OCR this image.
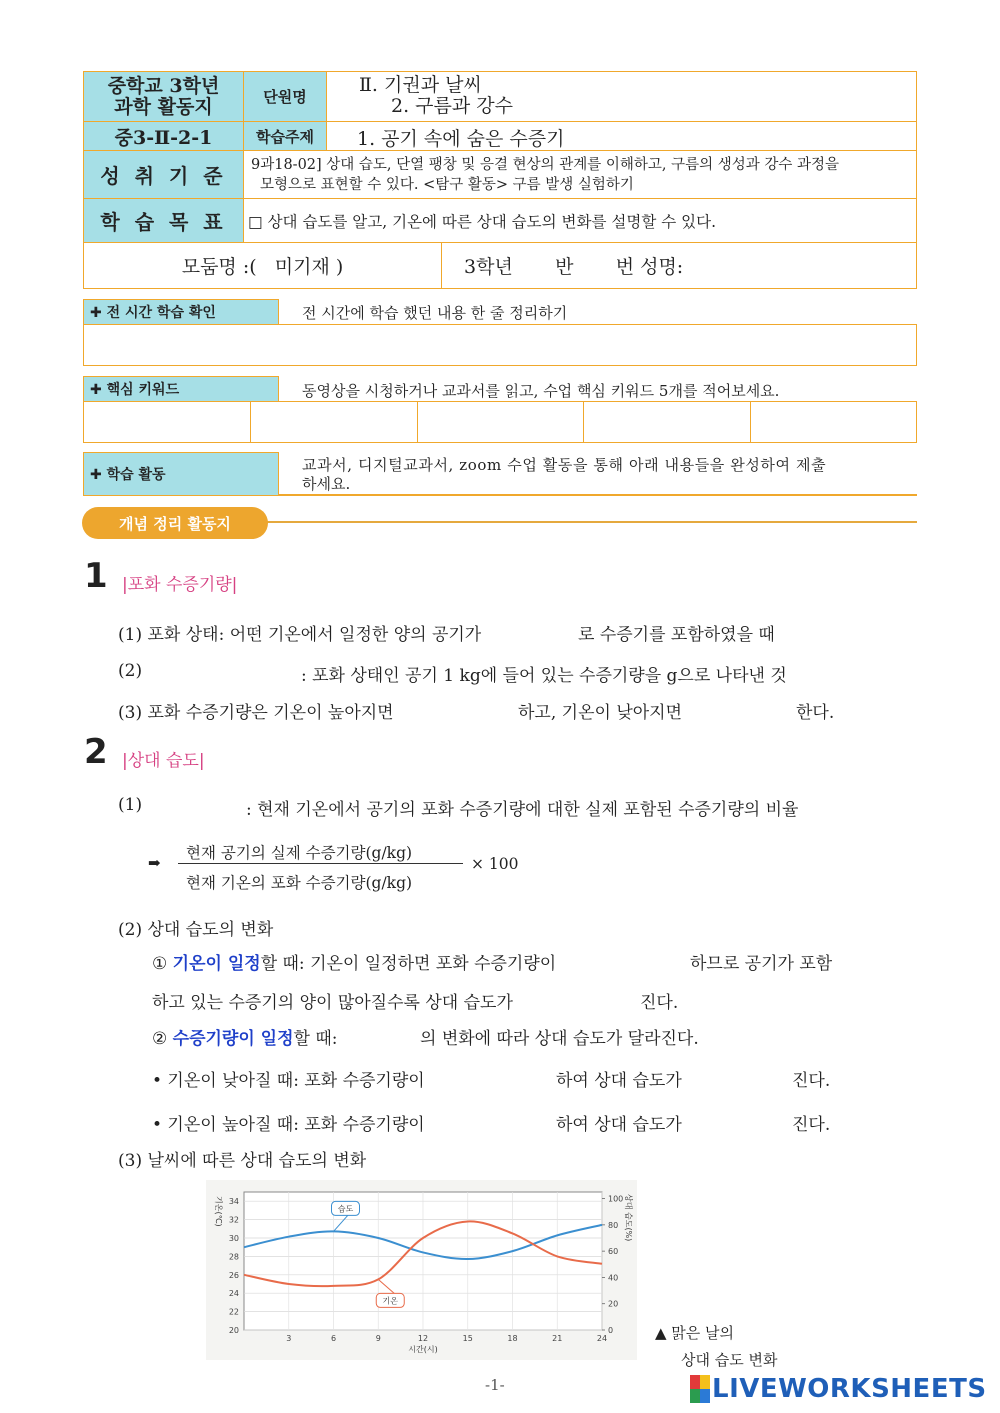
중학교 3학년
과학 활동지	단원명
Ⅱ. 기권과 날씨
2. 구름과 강수
중3-Ⅱ-2-1	학습주제	1. 공기 속에 숨은 수증기
성 취 기 준	9과18-02] 상대 습도, 단열 팽창 및 응결 현상의 관계를 이해하고, 구름의 생성과 강수 과정을
모형으로 표현할 수 있다. <탐구 활동> 구름 발생 실험하기
학 습 목 표	□ 상대 습도를 알고, 기온에 따른 상대 습도의 변화를 설명할 수 있다.
모둠명 :(   미기재 )	3학년       반       번 성명:
✚ 전 시간 학습 확인	전 시간에 학습 했던 내용 한 줄 정리하기
✚ 핵심 키워드	동영상을 시청하거나 교과서를 읽고, 수업 핵심 키워드 5개를 적어보세요.
✚ 학습 활동
교과서, 디지털교과서, zoom 수업 활동을 통해 아래 내용들을 완성하여 제출
하세요.
개념 정리 활동지
1 |포화 수증기량|
(1) 포화 상태: 어떤 기온에서 일정한 양의 공기가	로 수증기를 포함하였을 때
(2)	: 포화 상태인 공기 1 kg에 들어 있는 수증기량을 g으로 나타낸 것
(3) 포화 수증기량은 기온이 높아지면	하고, 기온이 낮아지면	한다.
2 |상대 습도|
(1)	: 현재 기온에서 공기의 포화 수증기량에 대한 실제 포함된 수증기량의 비율
➡
현재 공기의 실제 수증기량(g/kg)
현재 기온의 포화 수증기량(g/kg)
× 100
(2) 상대 습도의 변화
① 기온이 일정할 때: 기온이 일정하면 포화 수증기량이	하므로 공기가 포함
하고 있는 수증기의 양이 많아질수록 상대 습도가	진다.
② 수증기량이 일정할 때:	의 변화에 따라 상대 습도가 달라진다.
• 기온이 낮아질 때: 포화 수증기량이	하여 상대 습도가	진다.
• 기온이 높아질 때: 포화 수증기량이	하여 상대 습도가	진다.
(3) 날씨에 따른 상대 습도의 변화
20
22
24
26
28
30
32
34
3	6	9	12	15	18	21	24
0
20
40
60
80
100
시간(시)
기온(℃)	상대 습도(%)
습도
기온
▲ 맑은 날의
상대 습도 변화
-1-	LIVEWORKSHEETS
